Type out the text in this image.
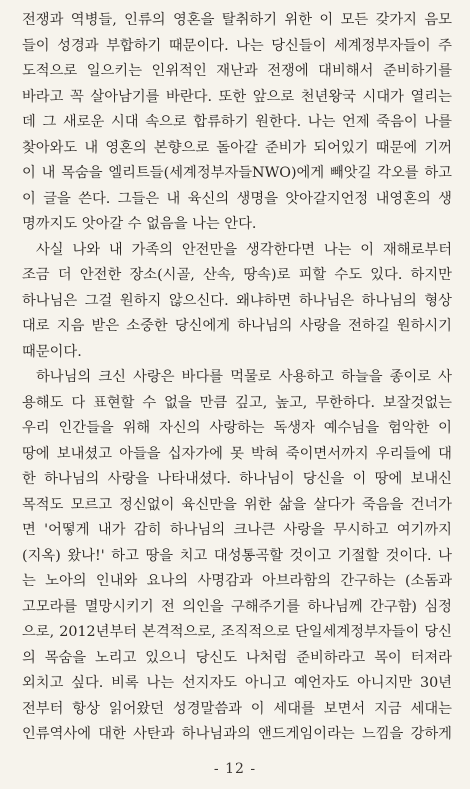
전쟁과 역병들, 인류의 영혼을 탈취하기 위한 이 모든 갖가지 음모
들이 성경과 부합하기 때문이다. 나는 당신들이 세계정부자들이 주
도적으로 일으키는 인위적인 재난과 전쟁에 대비해서 준비하기를
바라고 꼭 살아남기를 바란다. 또한 앞으로 천년왕국 시대가 열리는
데 그 새로운 시대 속으로 합류하기 원한다. 나는 언제 죽음이 나를
찾아와도 내 영혼의 본향으로 돌아갈 준비가 되어있기 때문에 기꺼
이 내 목숨을 엘리트들(세계정부자들NWO)에게 빼앗길 각오를 하고
이 글을 쓴다. 그들은 내 육신의 생명을 앗아갈지언정 내영혼의 생
명까지도 앗아갈 수 없음을 나는 안다.
사실 나와 내 가족의 안전만을 생각한다면 나는 이 재해로부터
조금 더 안전한 장소(시골, 산속, 땅속)로 피할 수도 있다. 하지만
하나님은 그걸 원하지 않으신다. 왜냐하면 하나님은 하나님의 형상
대로 지음 받은 소중한 당신에게 하나님의 사랑을 전하길 원하시기
때문이다.
하나님의 크신 사랑은 바다를 먹물로 사용하고 하늘을 종이로 사
용해도 다 표현할 수 없을 만큼 깊고, 높고, 무한하다. 보잘것없는
우리 인간들을 위해 자신의 사랑하는 독생자 예수님을 험악한 이
땅에 보내셨고 아들을 십자가에 못 박혀 죽이면서까지 우리들에 대
한 하나님의 사랑을 나타내셨다. 하나님이 당신을 이 땅에 보내신
목적도 모르고 정신없이 육신만을 위한 삶을 살다가 죽음을 건너가
면 '어떻게 내가 감히 하나님의 크나큰 사랑을 무시하고 여기까지
(지옥) 왔나!' 하고 땅을 치고 대성통곡할 것이고 기절할 것이다. 나
는 노아의 인내와 요나의 사명감과 아브라함의 간구하는 (소돔과
고모라를 멸망시키기 전 의인을 구해주기를 하나님께 간구함) 심정
으로, 2012년부터 본격적으로, 조직적으로 단일세계정부자들이 당신
의 목숨을 노리고 있으니 당신도 나처럼 준비하라고 목이 터져라
외치고 싶다. 비록 나는 선지자도 아니고 예언자도 아니지만 30년
전부터 항상 읽어왔던 성경말씀과 이 세대를 보면서 지금 세대는
인류역사에 대한 사탄과 하나님과의 앤드게임이라는 느낌을 강하게
- 12 -
